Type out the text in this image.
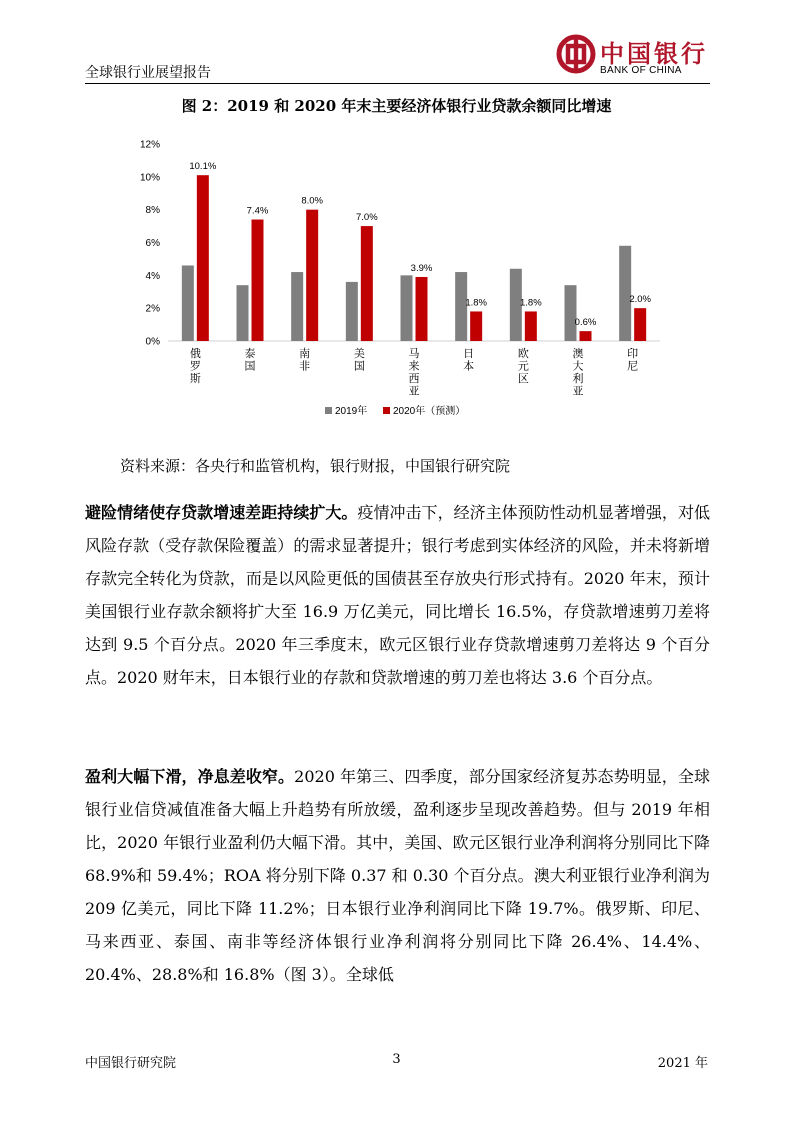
全球银行业展望报告
中国银行
BANK OF CHINA
图 2：2019 和 2020 年末主要经济体银行业贷款余额同比增速
0%
2%
4%
6%
8%
10%
12%
10.1%
俄罗斯
7.4%
泰国
8.0%
南非
7.0%
美国
3.9%
马来西亚
1.8%
日本
1.8%
欧元区
0.6%
澳大利亚
2.0%
印尼
2019年	2020年（预测）
资料来源：各央行和监管机构，银行财报，中国银行研究院

避险情绪使存贷款增速差距持续扩大。疫情冲击下，经济主体预防性动机显著增强，对低风险存款（受存款保险覆盖）的需求显著提升；银行考虑到实体经济的风险，并未将新增存款完全转化为贷款，而是以风险更低的国债甚至存放央行形式持有。2020 年末，预计美国银行业存款余额将扩大至 16.9 万亿美元，同比增长 16.5%，存贷款增速剪刀差将达到 9.5 个百分点。2020 年三季度末，欧元区银行业存贷款增速剪刀差将达 9 个百分点。2020 财年末，日本银行业的存款和贷款增速的剪刀差也将达 3.6 个百分点。

盈利大幅下滑，净息差收窄。2020 年第三、四季度，部分国家经济复苏态势明显，全球银行业信贷减值准备大幅上升趋势有所放缓，盈利逐步呈现改善趋势。但与 2019 年相比，2020 年银行业盈利仍大幅下滑。其中，美国、欧元区银行业净利润将分别同比下降 68.9%和 59.4%；ROA 将分别下降 0.37 和 0.30 个百分点。澳大利亚银行业净利润为 209 亿美元，同比下降 11.2%；日本银行业净利润同比下降 19.7%。俄罗斯、印尼、马来西亚、泰国、南非等经济体银行业净利润将分别同比下降 26.4%、14.4%、20.4%、28.8%和 16.8%（图 3）。全球低

中国银行研究院	3	2021 年
